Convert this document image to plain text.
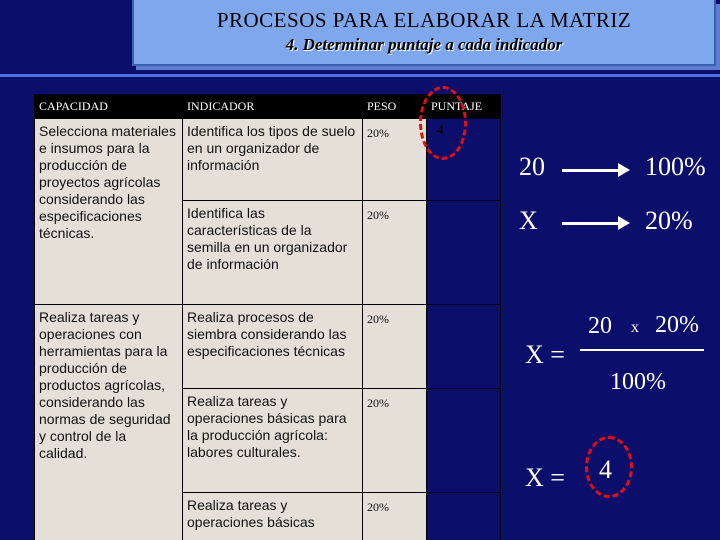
PROCESOS PARA ELABORAR LA MATRIZ
4. Determinar puntaje a cada indicador
CAPACIDAD	INDICADOR	PESO	PUNTAJE
Selecciona materiales e insumos para la producción de proyectos agrícolas considerando las especificaciones técnicas.	Identifica los tipos de suelo en un organizador de información	20%	4

	Identifica las características de la semilla en un organizador de información	20%	
Realiza tareas y operaciones con herramientas para la producción de productos agrícolas, considerando las normas de seguridad y control de la calidad.	Realiza procesos de siembra considerando las especificaciones técnicas	20%	
	Realiza tareas y operaciones básicas para la producción agrícola: labores culturales.	20%	
	Realiza tareas y operaciones básicas	20%	
20	100%
X	20%
X =
20 x 20%
100%
X = 4
